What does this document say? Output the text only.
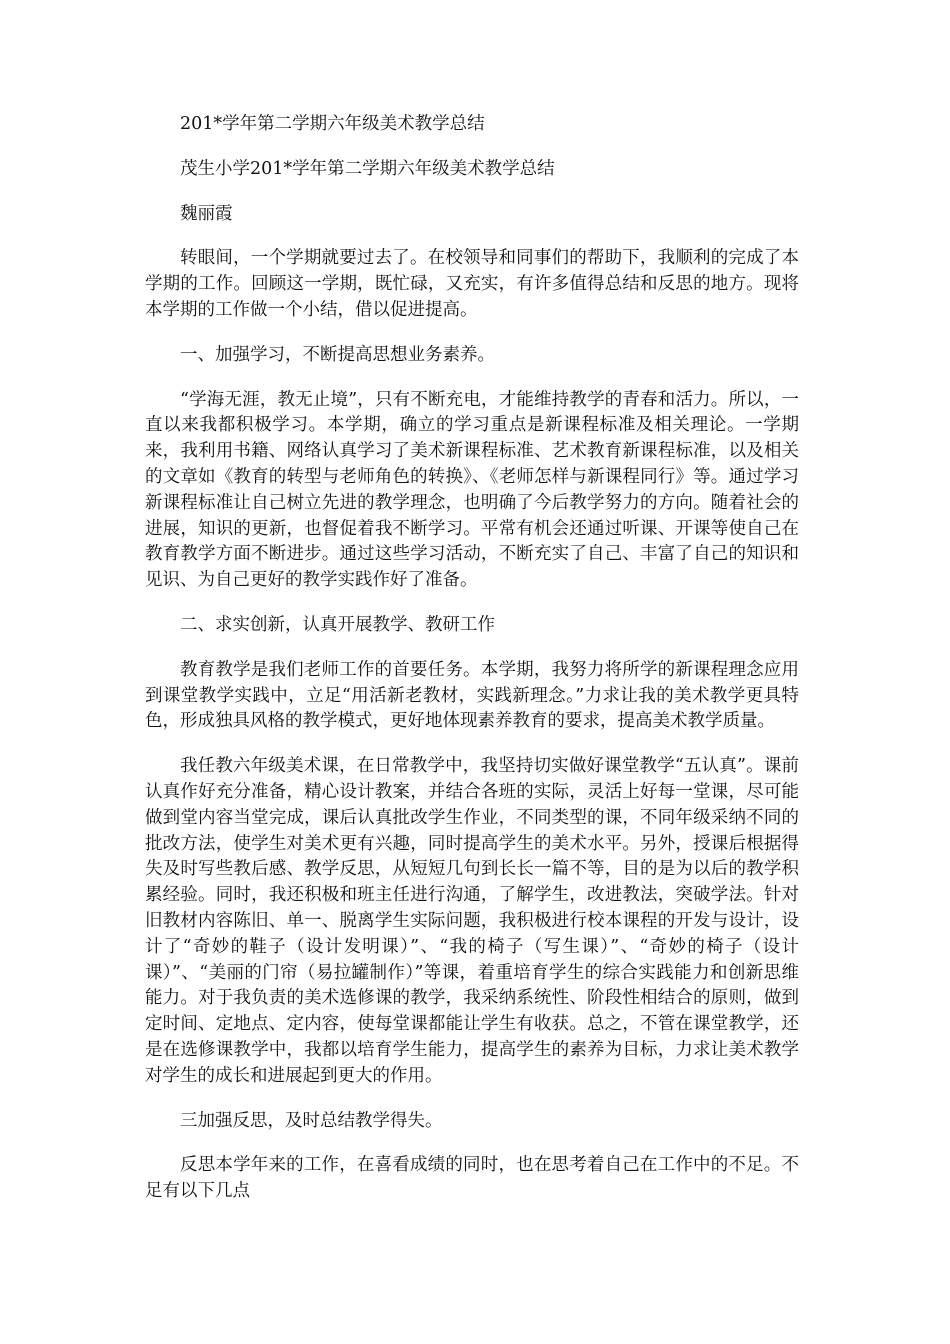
201*学年第二学期六年级美术教学总结

茂生小学201*学年第二学期六年级美术教学总结

魏丽霞

转眼间，一个学期就要过去了。在校领导和同事们的帮助下，我顺利的完成了本学期的工作。回顾这一学期，既忙碌，又充实，有许多值得总结和反思的地方。现将本学期的工作做一个小结，借以促进提高。

一、加强学习，不断提高思想业务素养。

“学海无涯，教无止境”，只有不断充电，才能维持教学的青春和活力。所以，一直以来我都积极学习。本学期，确立的学习重点是新课程标准及相关理论。一学期来，我利用书籍、网络认真学习了美术新课程标准、艺术教育新课程标准，以及相关的文章如《教育的转型与老师角色的转换》、《老师怎样与新课程同行》等。通过学习新课程标准让自己树立先进的教学理念，也明确了今后教学努力的方向。随着社会的进展，知识的更新，也督促着我不断学习。平常有机会还通过听课、开课等使自己在教育教学方面不断进步。通过这些学习活动，不断充实了自己、丰富了自己的知识和见识、为自己更好的教学实践作好了准备。

二、求实创新，认真开展教学、教研工作

教育教学是我们老师工作的首要任务。本学期，我努力将所学的新课程理念应用到课堂教学实践中，立足“用活新老教材，实践新理念。”力求让我的美术教学更具特色，形成独具风格的教学模式，更好地体现素养教育的要求，提高美术教学质量。

我任教六年级美术课，在日常教学中，我坚持切实做好课堂教学“五认真”。课前认真作好充分准备，精心设计教案，并结合各班的实际，灵活上好每一堂课，尽可能做到堂内容当堂完成，课后认真批改学生作业，不同类型的课，不同年级采纳不同的批改方法，使学生对美术更有兴趣，同时提高学生的美术水平。另外，授课后根据得失及时写些教后感、教学反思，从短短几句到长长一篇不等，目的是为以后的教学积累经验。同时，我还积极和班主任进行沟通，了解学生，改进教法，突破学法。针对旧教材内容陈旧、单一、脱离学生实际问题，我积极进行校本课程的开发与设计，设计了“奇妙的鞋子（设计发明课）”、“我的椅子（写生课）”、“奇妙的椅子（设计课）”、“美丽的门帘（易拉罐制作）”等课，着重培育学生的综合实践能力和创新思维能力。对于我负责的美术选修课的教学，我采纳系统性、阶段性相结合的原则，做到定时间、定地点、定内容，使每堂课都能让学生有收获。总之，不管在课堂教学，还是在选修课教学中，我都以培育学生能力，提高学生的素养为目标，力求让美术教学对学生的成长和进展起到更大的作用。

三加强反思，及时总结教学得失。

反思本学年来的工作，在喜看成绩的同时，也在思考着自己在工作中的不足。不足有以下几点
